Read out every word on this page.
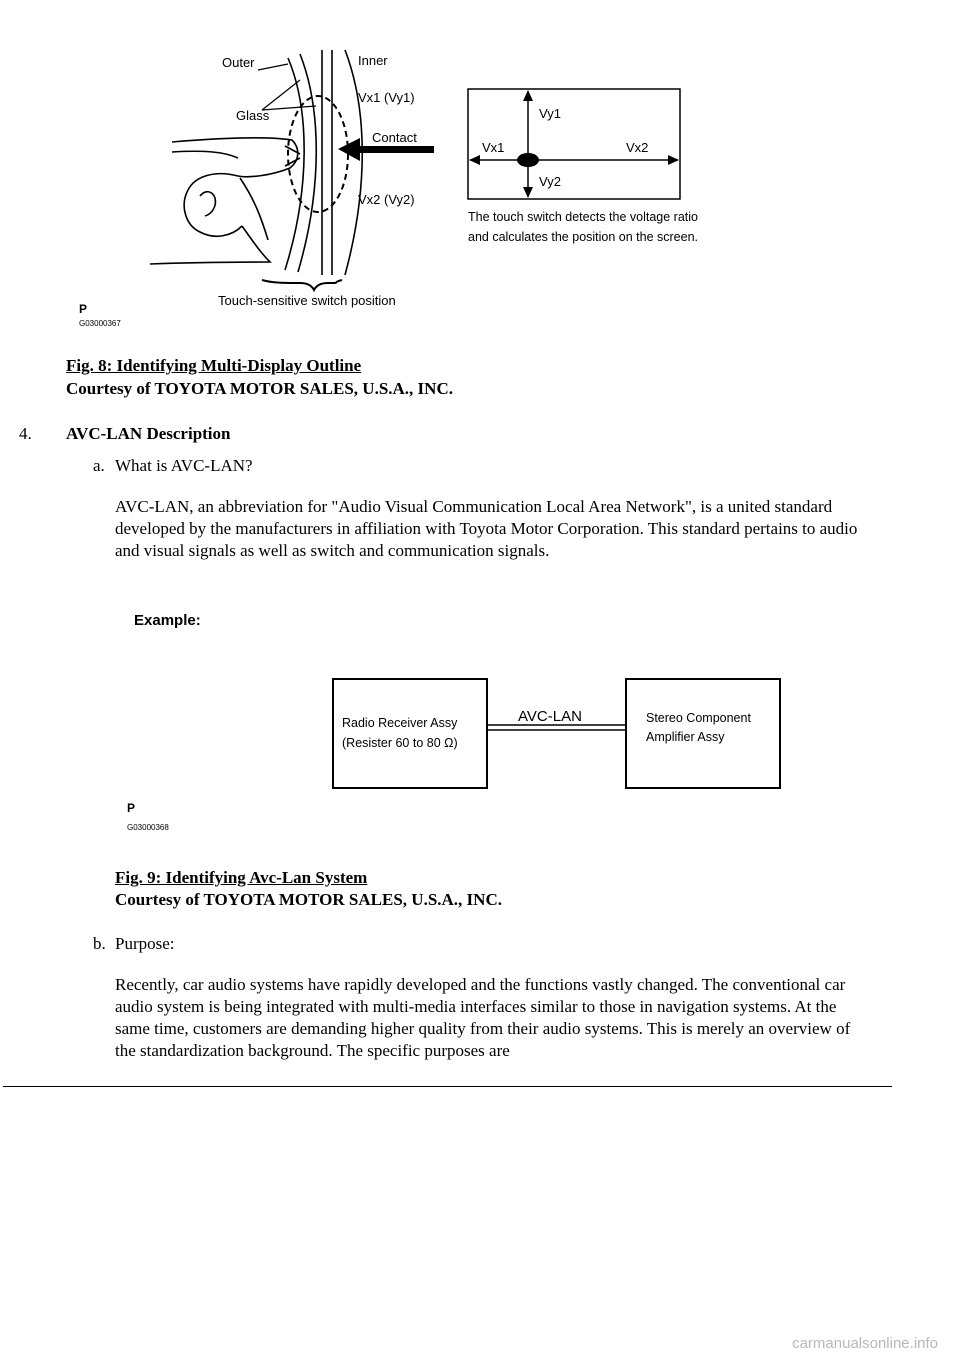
Outer	Inner
Glass
Vx1 (Vy1)
Contact
Vx2 (Vy2)
Touch-sensitive switch position
P
G03000367
Vy1
Vx1	Vx2
Vy2
The touch switch detects the voltage ratio
and calculates the position on the screen.
Fig. 8: Identifying Multi-Display Outline
Courtesy of TOYOTA MOTOR SALES, U.S.A., INC.
4. AVC-LAN Description
a. What is AVC-LAN?

AVC-LAN, an abbreviation for "Audio Visual Communication Local Area Network", is a united standard developed by the manufacturers in affiliation with Toyota Motor Corporation. This standard pertains to audio and visual signals as well as switch and communication signals.

Example:
Radio Receiver Assy
(Resister 60 to 80 Ω)
AVC-LAN	Stereo Component
Amplifier Assy
P
G03000368
Fig. 9: Identifying Avc-Lan System
Courtesy of TOYOTA MOTOR SALES, U.S.A., INC.
b. Purpose:

Recently, car audio systems have rapidly developed and the functions vastly changed. The conventional car audio system is being integrated with multi-media interfaces similar to those in navigation systems. At the same time, customers are demanding higher quality from their audio systems. This is merely an overview of the standardization background. The specific purposes are

carmanualsonline.info
